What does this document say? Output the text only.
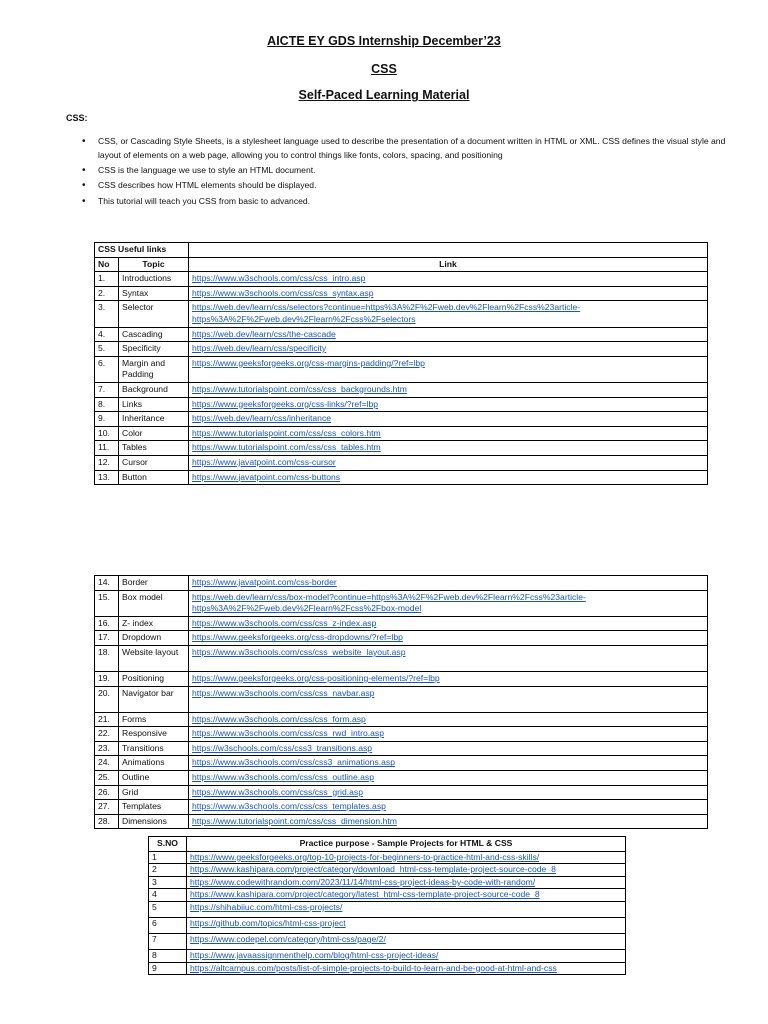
AICTE EY GDS Internship December’23
CSS
Self-Paced Learning Material
CSS:
• CSS, or Cascading Style Sheets, is a stylesheet language used to describe the presentation of a document written in HTML or XML. CSS defines the visual style and layout of elements on a web page, allowing you to control things like fonts, colors, spacing, and positioning
• CSS is the language we use to style an HTML document.
• CSS describes how HTML elements should be displayed.
• This tutorial will teach you CSS from basic to advanced.
CSS Useful links		
No	Topic	Link
1.	Introductions	https://www.w3schools.com/css/css_intro.asp
2.	Syntax	https://www.w3schools.com/css/css_syntax.asp
3.	Selector	https://web.dev/learn/css/selectors?continue=https%3A%2F%2Fweb.dev%2Flearn%2Fcss%23article-https%3A%2F%2Fweb.dev%2Flearn%2Fcss%2Fselectors
4.	Cascading	https://web.dev/learn/css/the-cascade
5.	Specificity	https://web.dev/learn/css/specificity
6.	Margin and Padding	https://www.geeksforgeeks.org/css-margins-padding/?ref=lbp
7.	Background	https://www.tutorialspoint.com/css/css_backgrounds.htm
8.	Links	https://www.geeksforgeeks.org/css-links/?ref=lbp
9.	Inheritance	https://web.dev/learn/css/inheritance
10.	Color	https://www.tutorialspoint.com/css/css_colors.htm
11.	Tables	https://www.tutorialspoint.com/css/css_tables.htm
12.	Cursor	https://www.javatpoint.com/css-cursor
13.	Button	https://www.javatpoint.com/css-buttons
14.	Border	https://www.javatpoint.com/css-border
15.	Box model	https://web.dev/learn/css/box-model?continue=https%3A%2F%2Fweb.dev%2Flearn%2Fcss%23article-https%3A%2F%2Fweb.dev%2Flearn%2Fcss%2Fbox-model
16.	Z- index	https://www.w3schools.com/css/css_z-index.asp
17.	Dropdown	https://www.geeksforgeeks.org/css-dropdowns/?ref=lbp
18.	Website layout	https://www.w3schools.com/css/css_website_layout.asp
19.	Positioning	https://www.geeksforgeeks.org/css-positioning-elements/?ref=lbp
20.	Navigator bar	https://www.w3schools.com/css/css_navbar.asp
21.	Forms	https://www.w3schools.com/css/css_form.asp
22.	Responsive	https://www.w3schools.com/css/css_rwd_intro.asp
23.	Transitions	https://w3schools.com/css/css3_transitions.asp
24.	Animations	https://www.w3schools.com/css/css3_animations.asp
25.	Outline	https://www.w3schools.com/css/css_outline.asp
26.	Grid	https://www.w3schools.com/css/css_grid.asp
27.	Templates	https://www.w3schools.com/css/css_templates.asp
28.	Dimensions	https://www.tutorialspoint.com/css/css_dimension.htm
S.NO	Practice purpose - Sample Projects for HTML & CSS
1	https://www.geeksforgeeks.org/top-10-projects-for-beginners-to-practice-html-and-css-skills/
2	https://www.kashipara.com/project/category/download_html-css-template-project-source-code_8
3	https://www.codewithrandom.com/2023/11/14/html-css-project-ideas-by-code-with-random/
4	https://www.kashipara.com/project/category/latest_html-css-template-project-source-code_8
5	https://shihabiiuc.com/html-css-projects/
6	https://github.com/topics/html-css-project
7	https://www.codepel.com/category/html-css/page/2/
8	https://www.javaassignmenthelp.com/blog/html-css-project-ideas/
9	https://altcampus.com/posts/list-of-simple-projects-to-build-to-learn-and-be-good-at-html-and-css
